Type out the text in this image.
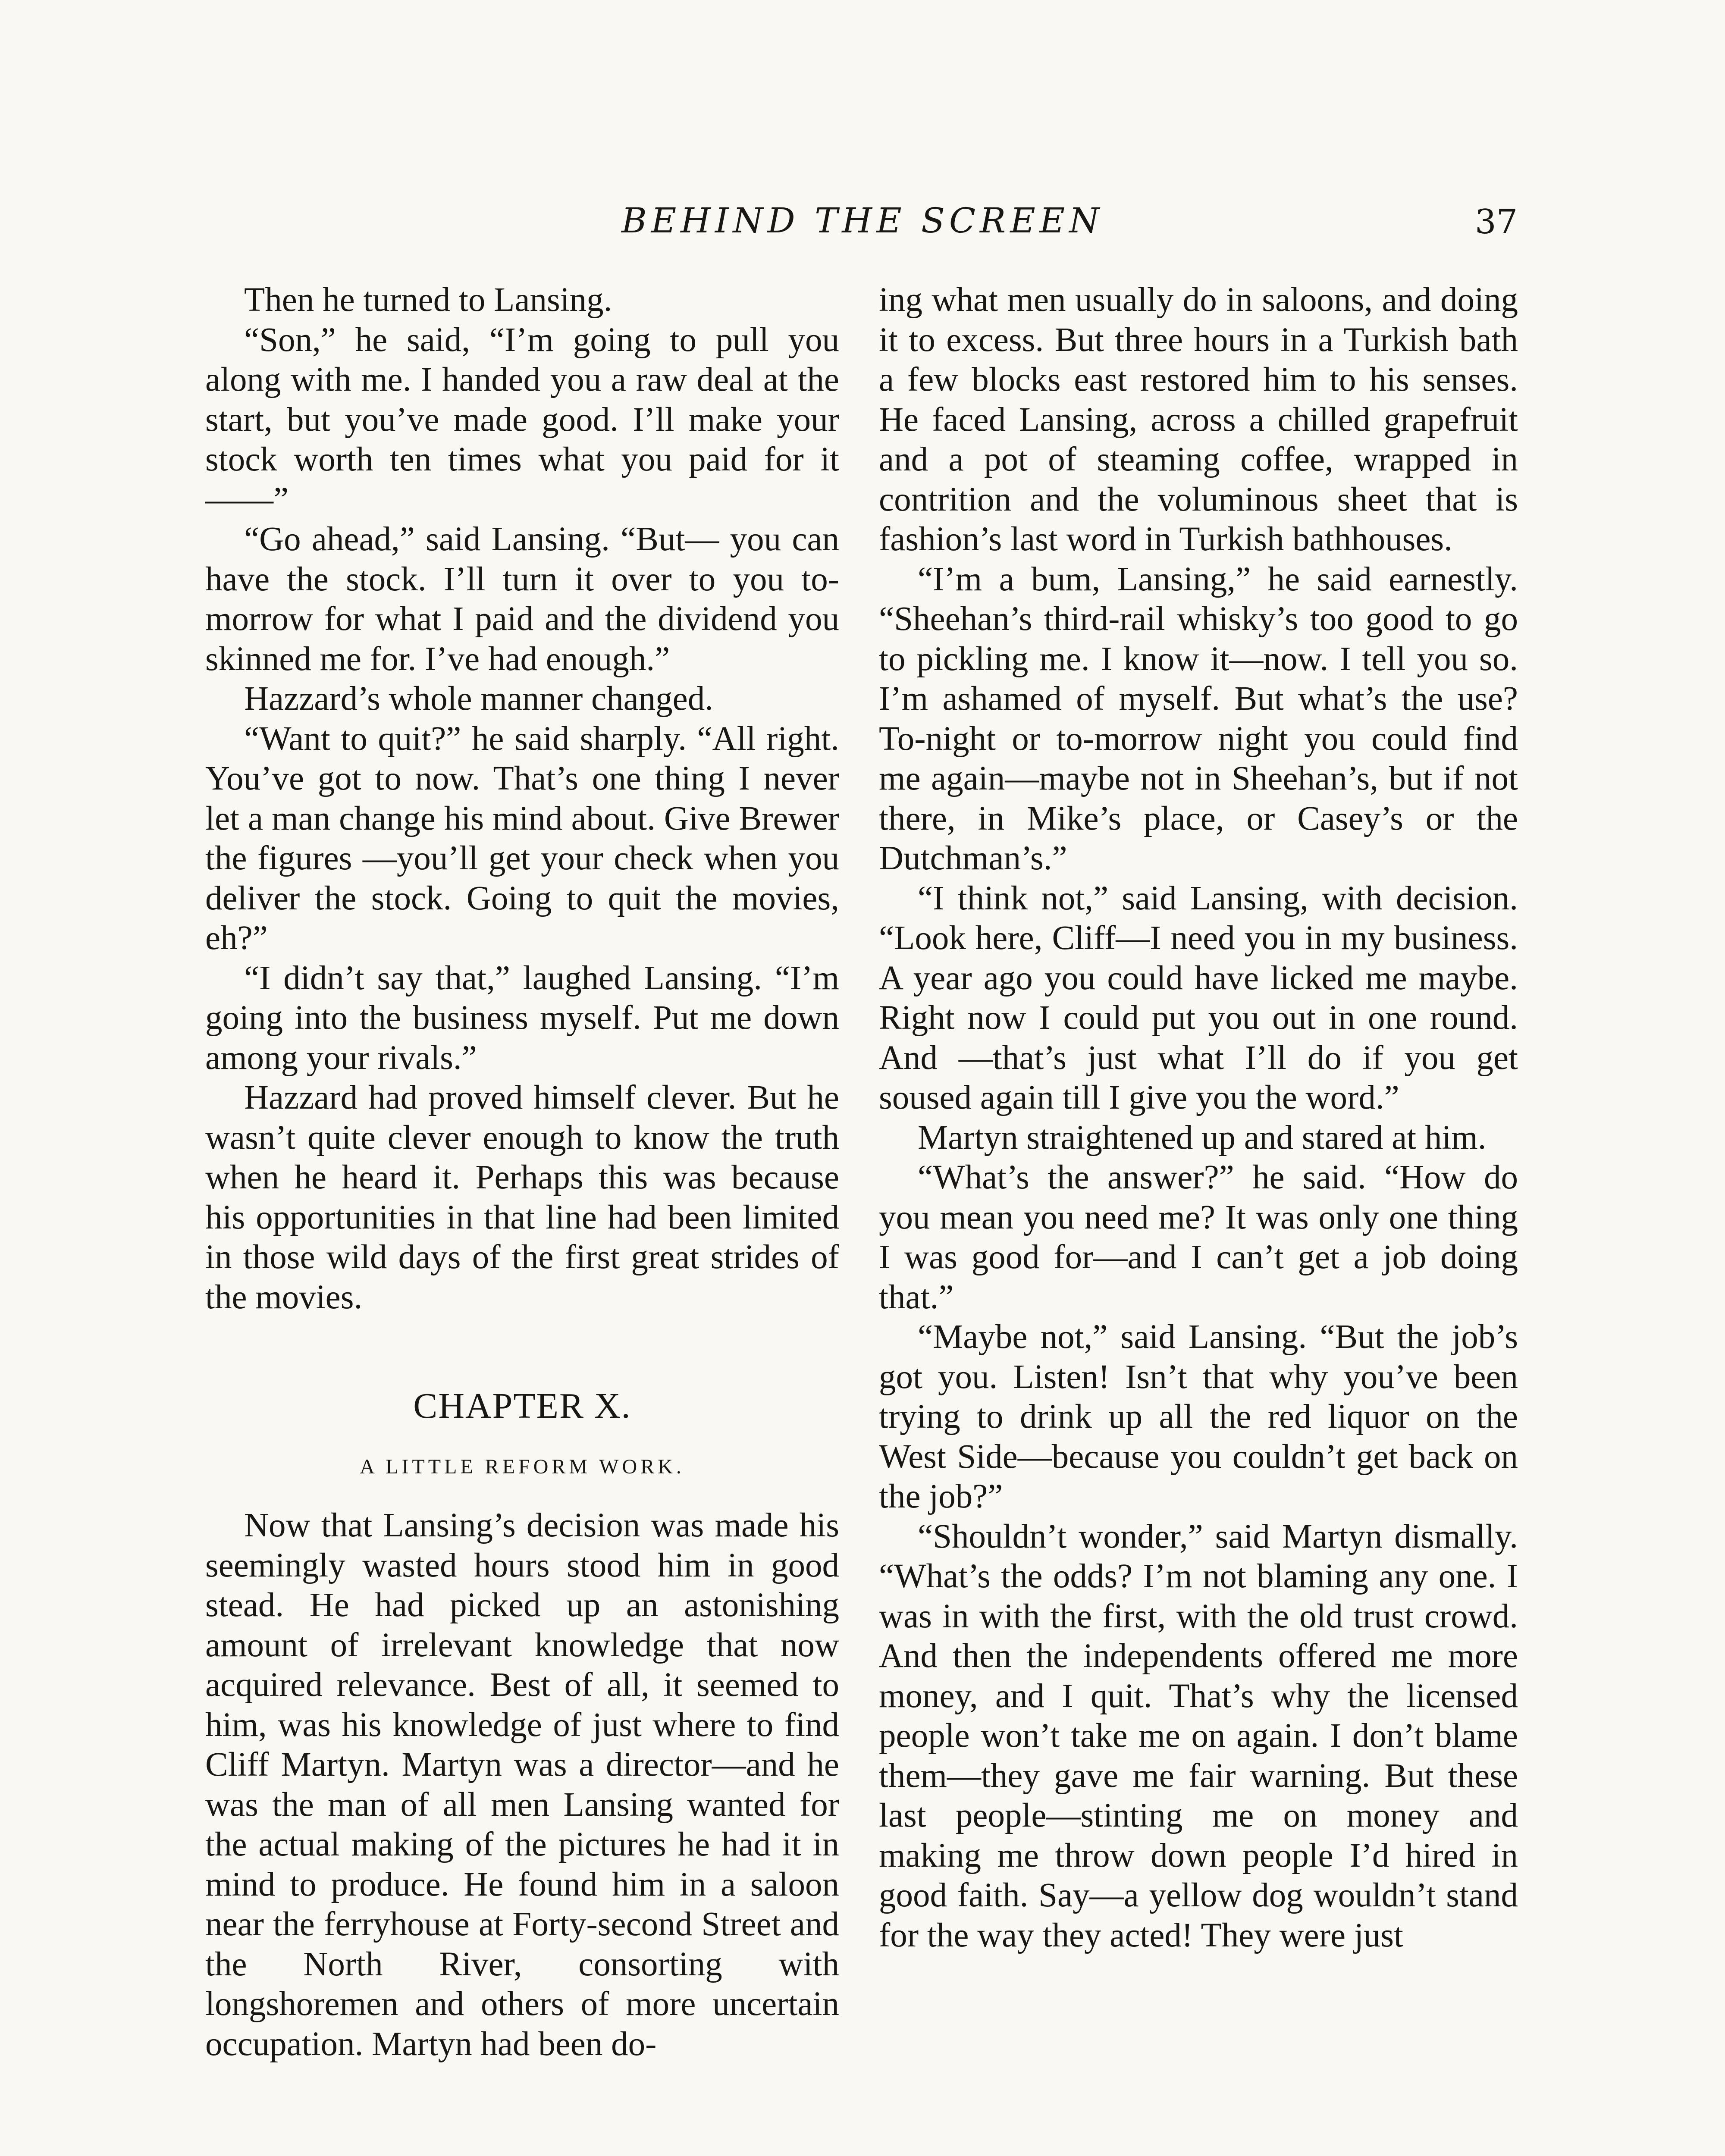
BEHIND THE SCREEN	37

Then he turned to Lansing.

“Son,” he said, “I’m going to pull you along with me. I handed you a raw deal at the start, but you’ve made good. I’ll make your stock worth ten times what you paid for it——”

“Go ahead,” said Lansing. “But— you can have the stock. I’ll turn it over to you to-morrow for what I paid and the dividend you skinned me for. I’ve had enough.”

Hazzard’s whole manner changed.

“Want to quit?” he said sharply. “All right. You’ve got to now. That’s one thing I never let a man change his mind about. Give Brewer the figures —you’ll get your check when you deliver the stock. Going to quit the movies, eh?”

“I didn’t say that,” laughed Lansing. “I’m going into the business myself. Put me down among your rivals.”

Hazzard had proved himself clever. But he wasn’t quite clever enough to know the truth when he heard it. Perhaps this was because his opportunities in that line had been limited in those wild days of the first great strides of the movies.

CHAPTER X.
A LITTLE REFORM WORK.

Now that Lansing’s decision was made his seemingly wasted hours stood him in good stead. He had picked up an astonishing amount of irrelevant knowledge that now acquired relevance. Best of all, it seemed to him, was his knowledge of just where to find Cliff Martyn. Martyn was a director—and he was the man of all men Lansing wanted for the actual making of the pictures he had it in mind to produce. He found him in a saloon near the ferryhouse at Forty-second Street and the North River, consorting with longshoremen and others of more uncertain occupation. Martyn had been do-

ing what men usually do in saloons, and doing it to excess. But three hours in a Turkish bath a few blocks east restored him to his senses. He faced Lansing, across a chilled grapefruit and a pot of steaming coffee, wrapped in contrition and the voluminous sheet that is fashion’s last word in Turkish bathhouses.

“I’m a bum, Lansing,” he said earnestly. “Sheehan’s third-rail whisky’s too good to go to pickling me. I know it—now. I tell you so. I’m ashamed of myself. But what’s the use? To-night or to-morrow night you could find me again—maybe not in Sheehan’s, but if not there, in Mike’s place, or Casey’s or the Dutchman’s.”

“I think not,” said Lansing, with decision. “Look here, Cliff—I need you in my business. A year ago you could have licked me maybe. Right now I could put you out in one round. And —that’s just what I’ll do if you get soused again till I give you the word.”

Martyn straightened up and stared at him.

“What’s the answer?” he said. “How do you mean you need me? It was only one thing I was good for—and I can’t get a job doing that.”

“Maybe not,” said Lansing. “But the job’s got you. Listen! Isn’t that why you’ve been trying to drink up all the red liquor on the West Side—because you couldn’t get back on the job?”

“Shouldn’t wonder,” said Martyn dismally. “What’s the odds? I’m not blaming any one. I was in with the first, with the old trust crowd. And then the independents offered me more money, and I quit. That’s why the licensed people won’t take me on again. I don’t blame them—they gave me fair warning. But these last people—stinting me on money and making me throw down people I’d hired in good faith. Say—a yellow dog wouldn’t stand for the way they acted! They were just
